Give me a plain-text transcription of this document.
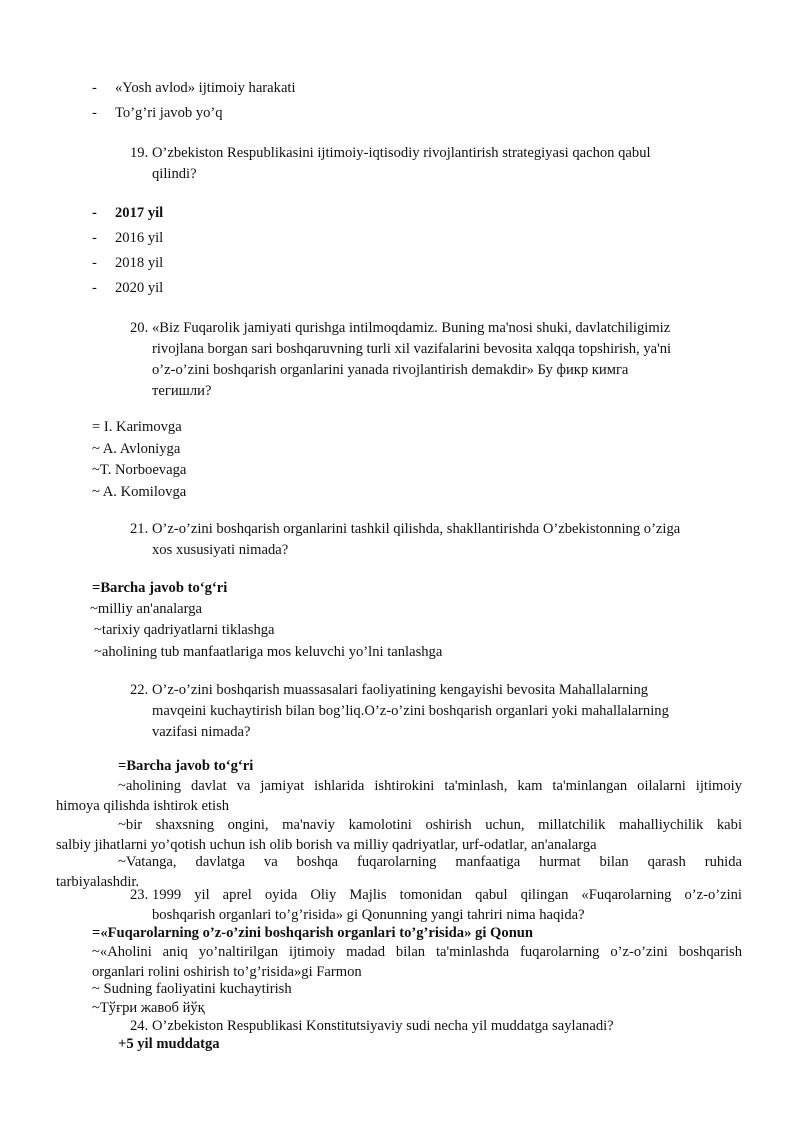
-	«Yosh avlod» ijtimoiy harakati
-	To’g’ri javob yo’q
19. O’zbekiston Respublikasini ijtimoiy-iqtisodiy rivojlantirish strategiyasi qachon qabul
qilindi?
-	2017 yil
-	2016 yil
-	2018 yil
-	2020 yil
20. «Biz Fuqarolik jamiyati qurishga intilmoqdamiz. Buning ma'nosi shuki, davlatchiligimiz
rivojlana borgan sari boshqaruvning turli xil vazifalarini bevosita xalqqa topshirish, ya'ni
o’z-o’zini boshqarish organlarini yanada rivojlantirish demakdir» Бу фикр кимга
тегишли?
= I. Karimovga
~ A. Avloniyga
~T. Norboevaga
~ A. Komilovga
21. O’z-o’zini boshqarish organlarini tashkil qilishda, shakllantirishda O’zbekistonning o’ziga
xos xususiyati nimada?
=Barcha javob to‘g‘ri
~milliy an'analarga
~tarixiy qadriyatlarni tiklashga
~aholining tub manfaatlariga mos keluvchi yo’lni tanlashga
22. O’z-o’zini boshqarish muassasalari faoliyatining kengayishi bevosita Mahallalarning
mavqeini kuchaytirish bilan bog’liq.O’z-o’zini boshqarish organlari yoki mahallalarning
vazifasi nimada?
=Barcha javob to‘g‘ri
~aholining davlat va jamiyat ishlarida ishtirokini ta'minlash, kam ta'minlangan oilalarni ijtimoiy
himoya qilishda ishtirok etish
~bir shaxsning ongini, ma'naviy kamolotini oshirish uchun, millatchilik mahalliychilik kabi
salbiy jihatlarni yo’qotish uchun ish olib borish va milliy qadriyatlar, urf-odatlar, an'analarga
~Vatanga, davlatga va boshqa fuqarolarning manfaatiga hurmat bilan qarash ruhida
tarbiyalashdir.
23. 1999 yil aprel oyida Oliy Majlis tomonidan qabul qilingan «Fuqarolarning o’z-o’zini
boshqarish organlari to’g’risida» gi Qonunning yangi tahriri nima haqida?
=«Fuqarolarning o’z-o’zini boshqarish organlari to’g’risida» gi Qonun
~«Aholini aniq yo’naltirilgan ijtimoiy madad bilan ta'minlashda fuqarolarning o’z-o’zini boshqarish
organlari rolini oshirish to’g’risida»gi Farmon
~ Sudning faoliyatini kuchaytirish
~Тўғри жавоб йўқ
24. O’zbekiston Respublikasi Konstitutsiyaviy sudi necha yil muddatga saylanadi?
+5 yil muddatga
